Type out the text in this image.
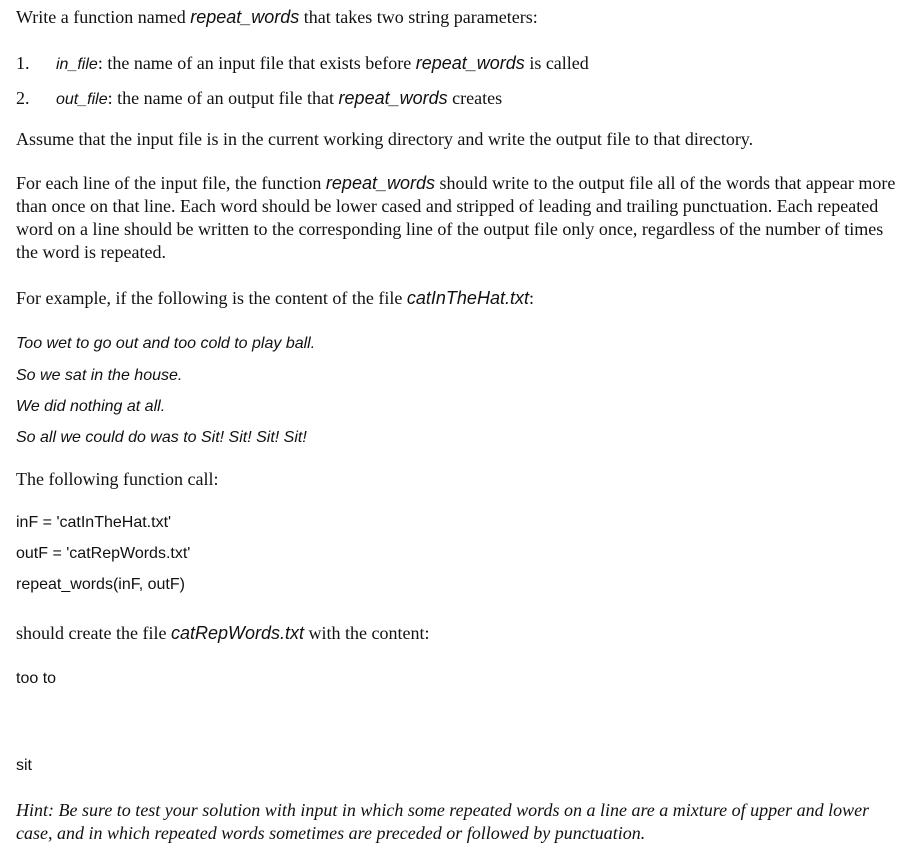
Write a function named repeat_words that takes two string parameters:
1. in_file: the name of an input file that exists before repeat_words is called
2. out_file: the name of an output file that repeat_words creates
Assume that the input file is in the current working directory and write the output file to that directory.
For each line of the input file, the function repeat_words should write to the output file all of the words that appear more than once on that line. Each word should be lower cased and stripped of leading and trailing punctuation. Each repeated word on a line should be written to the corresponding line of the output file only once, regardless of the number of times the word is repeated.
For example, if the following is the content of the file catInTheHat.txt:
Too wet to go out and too cold to play ball.
So we sat in the house.
We did nothing at all.
So all we could do was to Sit! Sit! Sit! Sit!
The following function call:
inF = 'catInTheHat.txt'
outF = 'catRepWords.txt'
repeat_words(inF, outF)
should create the file catRepWords.txt with the content:
too to
sit
Hint: Be sure to test your solution with input in which some repeated words on a line are a mixture of upper and lower case, and in which repeated words sometimes are preceded or followed by punctuation.
